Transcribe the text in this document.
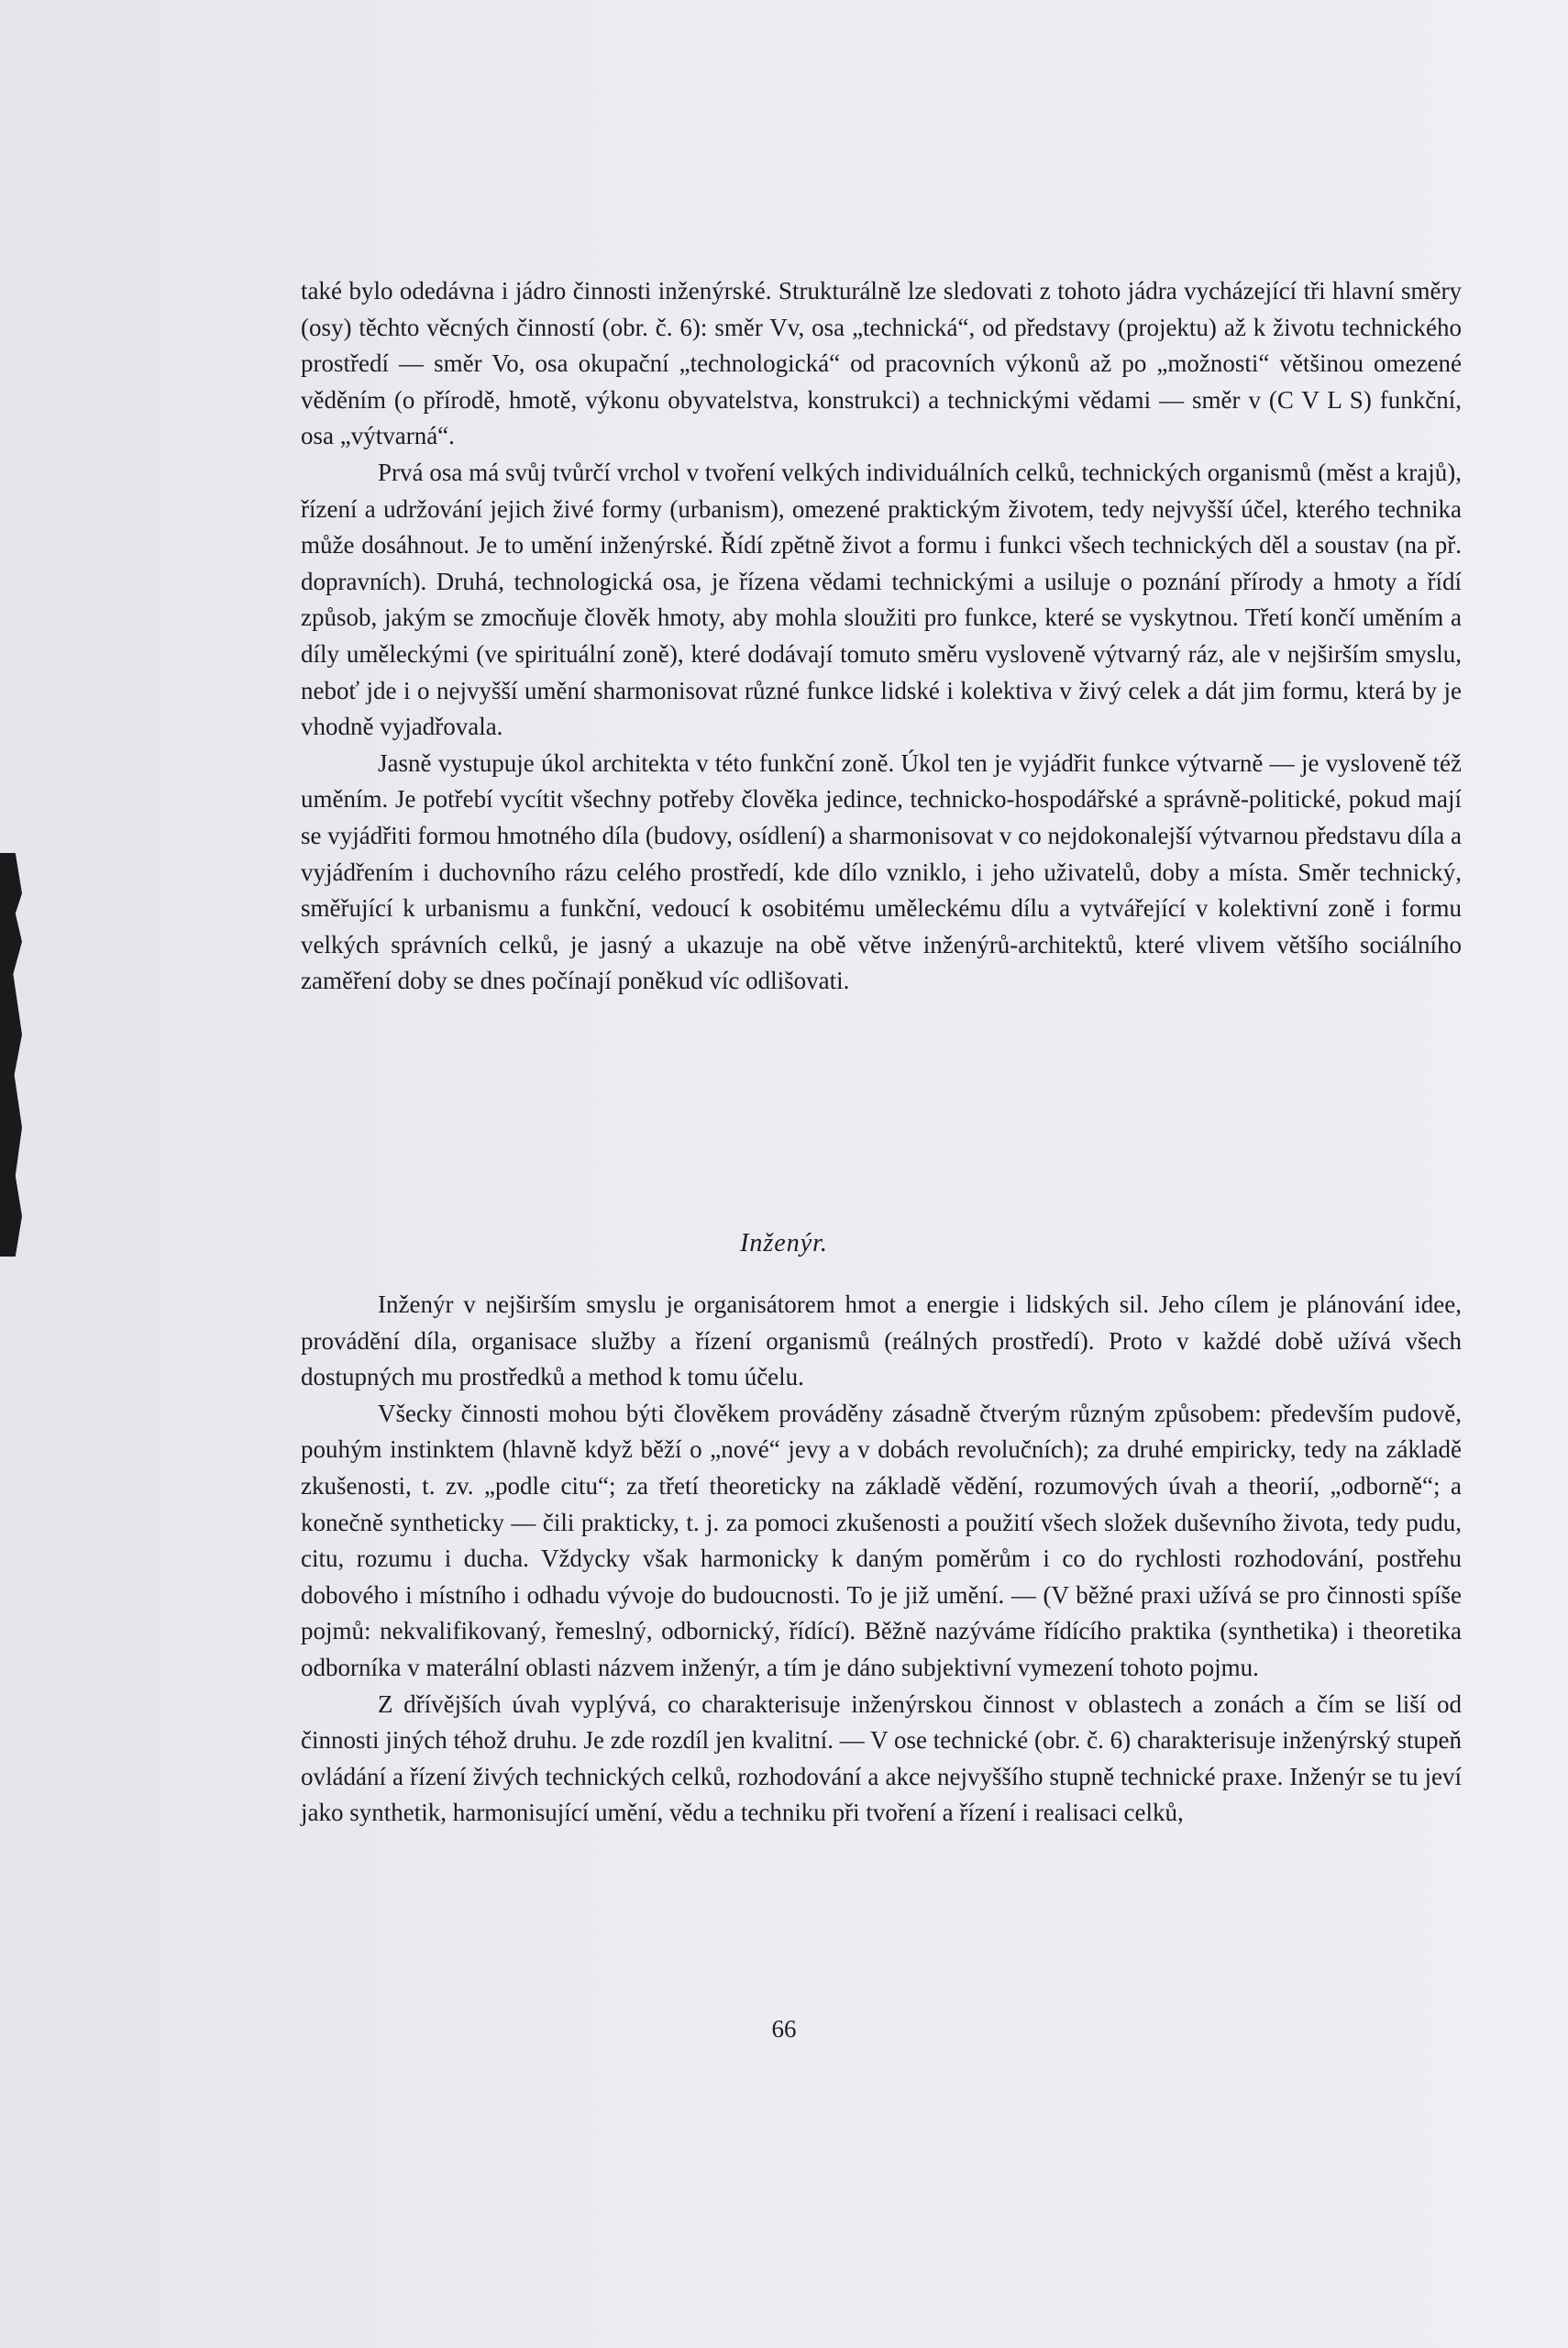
také bylo odedávna i jádro činnosti inženýrské. Strukturálně lze sledovati z tohoto jádra vycházející tři hlavní směry (osy) těchto věcných činností (obr. č. 6): směr Vv, osa „technická“, od představy (projektu) až k životu technického prostředí — směr Vo, osa okupační „technologická“ od pracovních výkonů až po „možnosti“ většinou omezené věděním (o přírodě, hmotě, výkonu obyvatelstva, konstrukci) a technickými vědami — směr v (C V L S) funkční, osa „výtvarná“.

Prvá osa má svůj tvůrčí vrchol v tvoření velkých individuálních celků, technických organismů (měst a krajů), řízení a udržování jejich živé formy (urbanism), omezené praktickým životem, tedy nejvyšší účel, kterého technika může dosáhnout. Je to umění inženýrské. Řídí zpětně život a formu i funkci všech technických děl a soustav (na př. dopravních). Druhá, technologická osa, je řízena vědami technickými a usiluje o poznání přírody a hmoty a řídí způsob, jakým se zmocňuje člověk hmoty, aby mohla sloužiti pro funkce, které se vyskytnou. Třetí končí uměním a díly uměleckými (ve spirituální zoně), které dodávají tomuto směru vysloveně výtvarný ráz, ale v nejširším smyslu, neboť jde i o nejvyšší umění sharmonisovat různé funkce lidské i kolektiva v živý celek a dát jim formu, která by je vhodně vyjadřovala.

Jasně vystupuje úkol architekta v této funkční zoně. Úkol ten je vyjádřit funkce výtvarně — je vysloveně též uměním. Je potřebí vycítit všechny potřeby člověka jedince, technicko-hospodářské a správně-politické, pokud mají se vyjádřiti formou hmotného díla (budovy, osídlení) a sharmonisovat v co nejdokonalejší výtvarnou představu díla a vyjádřením i duchovního rázu celého prostředí, kde dílo vzniklo, i jeho uživatelů, doby a místa. Směr technický, směřující k urbanismu a funkční, vedoucí k osobitému uměleckému dílu a vytvářející v kolektivní zoně i formu velkých správních celků, je jasný a ukazuje na obě větve inženýrů-architektů, které vlivem většího sociálního zaměření doby se dnes počínají poněkud víc odlišovati.

Inženýr.

Inženýr v nejširším smyslu je organisátorem hmot a energie i lidských sil. Jeho cílem je plánování idee, provádění díla, organisace služby a řízení organismů (reálných prostředí). Proto v každé době užívá všech dostupných mu prostředků a method k tomu účelu.

Všecky činnosti mohou býti člověkem prováděny zásadně čtverým různým způsobem: především pudově, pouhým instinktem (hlavně když běží o „nové“ jevy a v dobách revolučních); za druhé empiricky, tedy na základě zkušenosti, t. zv. „podle citu“; za třetí theoreticky na základě vědění, rozumových úvah a theorií, „odborně“; a konečně syntheticky — čili prakticky, t. j. za pomoci zkušenosti a použití všech složek duševního života, tedy pudu, citu, rozumu i ducha. Vždycky však harmonicky k daným poměrům i co do rychlosti rozhodování, postřehu dobového i místního i odhadu vývoje do budoucnosti. To je již umění. — (V běžné praxi užívá se pro činnosti spíše pojmů: nekvalifikovaný, řemeslný, odbornický, řídící). Běžně nazýváme řídícího praktika (synthetika) i theoretika odborníka v materální oblasti názvem inženýr, a tím je dáno subjektivní vymezení tohoto pojmu.

Z dřívějších úvah vyplývá, co charakterisuje inženýrskou činnost v oblastech a zonách a čím se liší od činnosti jiných téhož druhu. Je zde rozdíl jen kvalitní. — V ose technické (obr. č. 6) charakterisuje inženýrský stupeň ovládání a řízení živých technických celků, rozhodování a akce nejvyššího stupně technické praxe. Inženýr se tu jeví jako synthetik, harmonisující umění, vědu a techniku při tvoření a řízení i realisaci celků,

66
